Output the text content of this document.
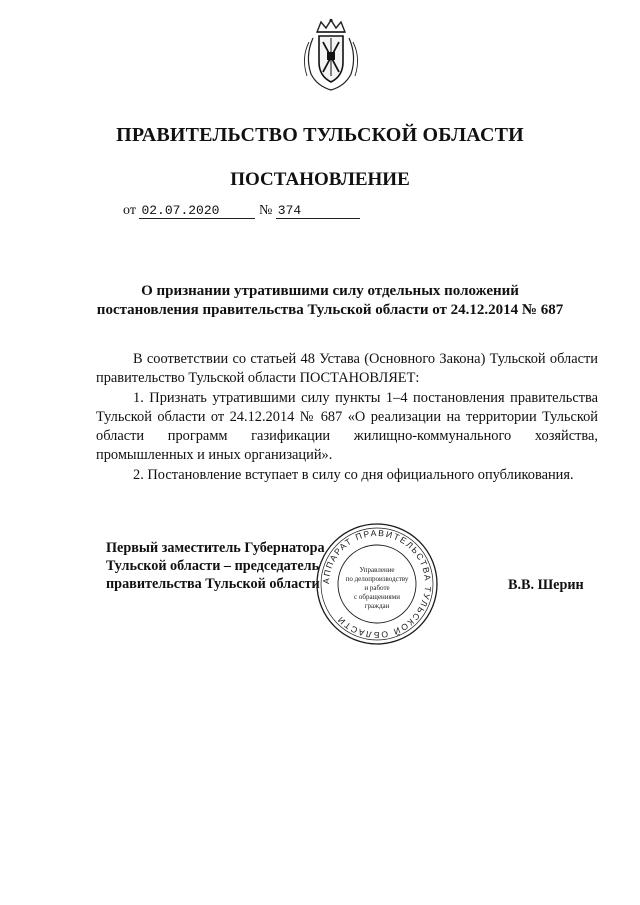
ПРАВИТЕЛЬСТВО ТУЛЬСКОЙ ОБЛАСТИ
ПОСТАНОВЛЕНИЕ
от 02.07.2020	№ 374
О признании утратившими силу отдельных положений
постановления правительства Тульской области от 24.12.2014 № 687

В соответствии со статьей 48 Устава (Основного Закона) Тульской области правительство Тульской области ПОСТАНОВЛЯЕТ:

1. Признать утратившими силу пункты 1–4 постановления правительства Тульской области от 24.12.2014 № 687 «О реализации на территории Тульской области программ газификации жилищно-коммунального хозяйства, промышленных и иных организаций».

2. Постановление вступает в силу со дня официального опубликования.

Первый заместитель Губернатора
Тульской области – председатель
правительства Тульской области	В.В. Шерин
АППАРАТ ПРАВИТЕЛЬСТВА ТУЛЬСКОЙ ОБЛАСТИ
Управление
по делопроизводству
и работе
с обращениями
граждан
